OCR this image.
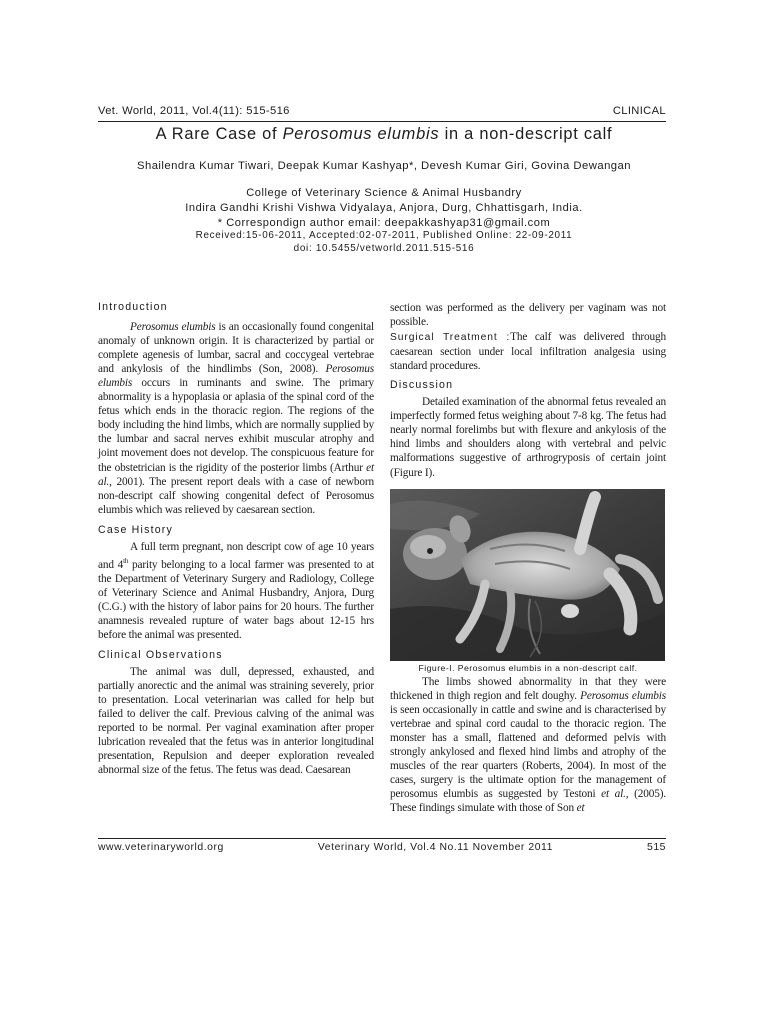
Vet. World, 2011, Vol.4(11): 515-516	CLINICAL
A Rare Case of Perosomus elumbis in a non-descript calf
Shailendra Kumar Tiwari, Deepak Kumar Kashyap*, Devesh Kumar Giri, Govina Dewangan
College of Veterinary Science & Animal Husbandry
Indira Gandhi Krishi Vishwa Vidyalaya, Anjora, Durg, Chhattisgarh, India.
* Correspondign author email: deepakkashyap31@gmail.com
Received:15-06-2011, Accepted:02-07-2011, Published Online: 22-09-2011
doi: 10.5455/vetworld.2011.515-516

Introduction

Perosomus elumbis is an occasionally found congenital anomaly of unknown origin. It is characterized by partial or complete agenesis of lumbar, sacral and coccygeal vertebrae and ankylosis of the hindlimbs (Son, 2008). Perosomus elumbis occurs in ruminants and swine. The primary abnormality is a hypoplasia or aplasia of the spinal cord of the fetus which ends in the thoracic region. The regions of the body including the hind limbs, which are normally supplied by the lumbar and sacral nerves exhibit muscular atrophy and joint movement does not develop. The conspicuous feature for the obstetrician is the rigidity of the posterior limbs (Arthur et al., 2001). The present report deals with a case of newborn non-descript calf showing congenital defect of Perosomus elumbis which was relieved by caesarean section.

Case History

A full term pregnant, non descript cow of age 10 years and 4th parity belonging to a local farmer was presented to at the Department of Veterinary Surgery and Radiology, College of Veterinary Science and Animal Husbandry, Anjora, Durg (C.G.) with the history of labor pains for 20 hours. The further anamnesis revealed rupture of water bags about 12-15 hrs before the animal was presented.

Clinical Observations

The animal was dull, depressed, exhausted, and partially anorectic and the animal was straining severely, prior to presentation. Local veterinarian was called for help but failed to deliver the calf. Previous calving of the animal was reported to be normal. Per vaginal examination after proper lubrication revealed that the fetus was in anterior longitudinal presentation, Repulsion and deeper exploration revealed abnormal size of the fetus. The fetus was dead. Caesarean

section was performed as the delivery per vaginam was not possible.

Surgical Treatment :The calf was delivered through caesarean section under local infiltration analgesia using standard procedures.

Discussion

Detailed examination of the abnormal fetus revealed an imperfectly formed fetus weighing about 7-8 kg. The fetus had nearly normal forelimbs but with flexure and ankylosis of the hind limbs and shoulders along with vertebral and pelvic malformations suggestive of arthrogryposis of certain joint (Figure I).

Figure-I. Perosomus elumbis in a non-descript calf.

The limbs showed abnormality in that they were thickened in thigh region and felt doughy. Perosomus elumbis is seen occasionally in cattle and swine and is characterised by vertebrae and spinal cord caudal to the thoracic region. The monster has a small, flattened and deformed pelvis with strongly ankylosed and flexed hind limbs and atrophy of the muscles of the rear quarters (Roberts, 2004). In most of the cases, surgery is the ultimate option for the management of perosomus elumbis as suggested by Testoni et al., (2005). These findings simulate with those of Son et

www.veterinaryworld.org	Veterinary World, Vol.4 No.11 November 2011	515
